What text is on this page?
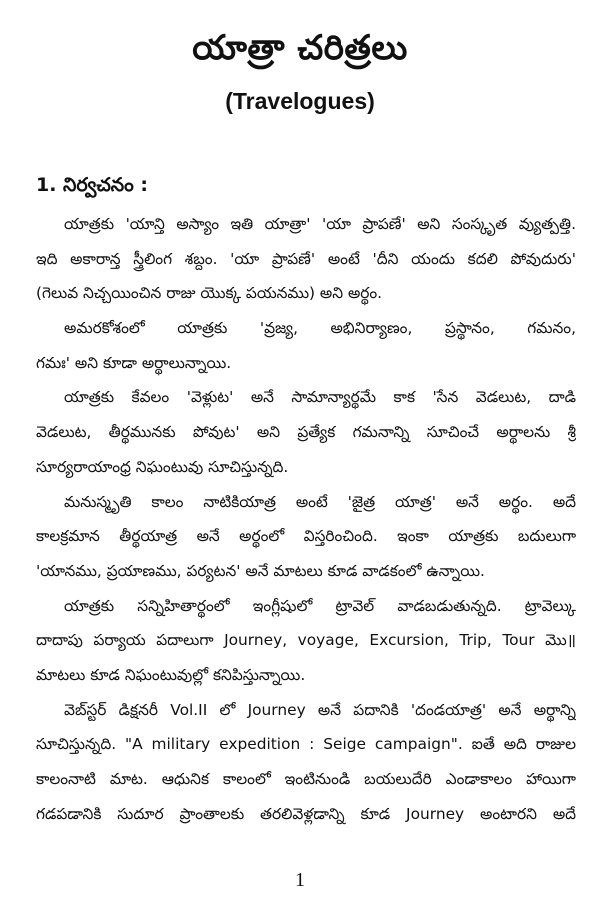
యాత్రా చరిత్రలు
(Travelogues)
1. నిర్వచనం :
యాత్రకు 'యాన్తి అస్యాం ఇతి యాత్రా' 'యా ప్రాపణే' అని సంస్కృత వ్యుత్పత్తి.
ఇది అకారాన్త స్త్రీలింగ శబ్దం. 'యా ప్రాపణే' అంటే 'దీని యందు కదలి పోవుదురు'
(గెలువ నిచ్చయించిన రాజు యొక్క పయనము) అని అర్థం.
అమరకోశంలో యాత్రకు 'వ్రజ్య, అభినిర్యాణం, ప్రస్థానం, గమనం,
గమః' అని కూడా అర్థాలున్నాయి.
యాత్రకు కేవలం 'వెళ్లుట' అనే సామాన్యార్థమే కాక 'సేన వెడలుట, దాడి
వెడలుట, తీర్థమునకు పోవుట' అని ప్రత్యేక గమనాన్ని సూచించే అర్థాలను శ్రీ
సూర్యరాయాంధ్ర నిఘంటువు సూచిస్తున్నది.
మనుస్మృతి కాలం నాటికియాత్ర అంటే 'జైత్ర యాత్ర' అనే అర్థం. అదే
కాలక్రమాన తీర్థయాత్ర అనే అర్థంలో విస్తరించింది. ఇంకా యాత్రకు బదులుగా
'యానము, ప్రయాణము, పర్యటన' అనే మాటలు కూడ వాడకంలో ఉన్నాయి.
యాత్రకు సన్నిహితార్థంలో ఇంగ్లీషులో ట్రావెల్ వాడబడుతున్నది. ట్రావెల్కు
దాదాపు పర్యాయ పదాలుగా Journey, voyage, Excursion, Trip, Tour మొ॥
మాటలు కూడ నిఘంటువుల్లో కనిపిస్తున్నాయి.
వెబ్‌స్టర్ డిక్షనరీ Vol.II లో Journey అనే పదానికి 'దండయాత్ర' అనే అర్థాన్ని
సూచిస్తున్నది. "A military expedition : Seige campaign". ఐతే అది రాజుల
కాలంనాటి మాట. ఆధునిక కాలంలో ఇంటినుండి బయలుదేరి ఎండాకాలం హాయిగా
గడపడానికి సుదూర ప్రాంతాలకు తరలివెళ్లడాన్ని కూడ Journey అంటారని అదే
1
